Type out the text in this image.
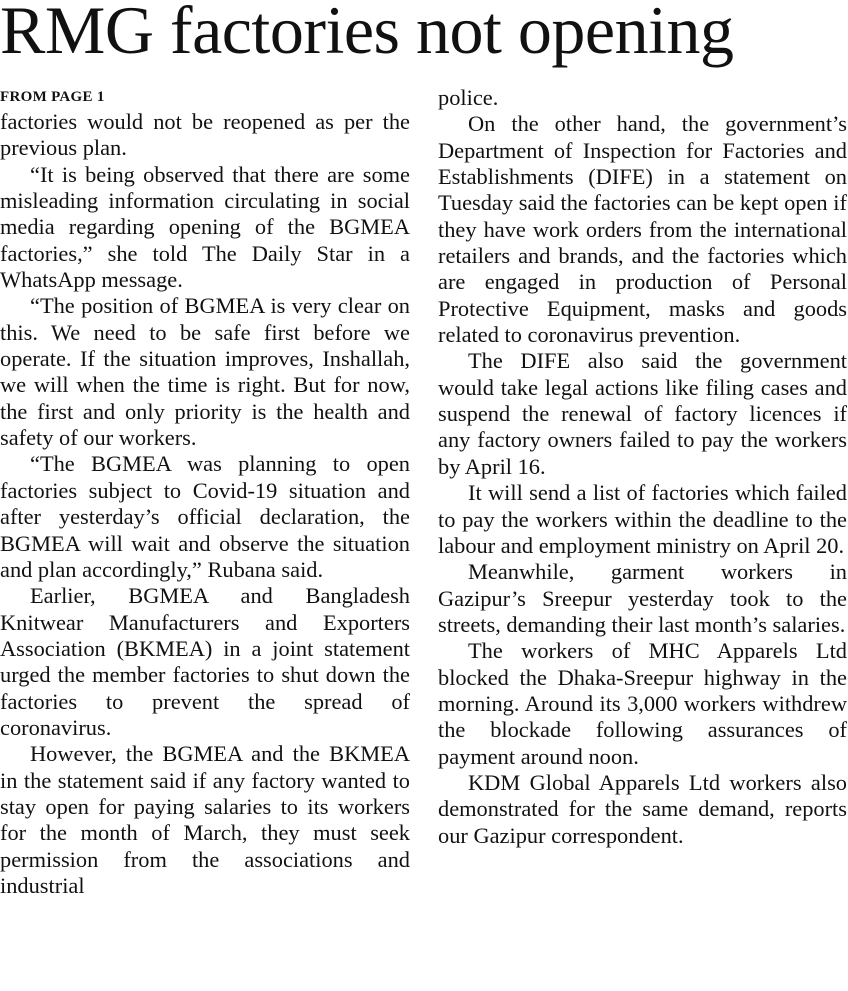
RMG factories not opening
FROM PAGE 1

factories would not be reopened as per the previous plan.

“It is being observed that there are some misleading information circulating in social media regarding opening of the BGMEA factories,” she told The Daily Star in a WhatsApp message.

“The position of BGMEA is very clear on this. We need to be safe first before we operate. If the situation improves, Inshallah, we will when the time is right. But for now, the first and only priority is the health and safety of our workers.

“The BGMEA was planning to open factories subject to Covid-19 situation and after yesterday’s official declaration, the BGMEA will wait and observe the situation and plan accordingly,” Rubana said.

Earlier, BGMEA and Bangladesh Knitwear Manufacturers and Exporters Association (BKMEA) in a joint statement urged the member factories to shut down the factories to prevent the spread of coronavirus.

However, the BGMEA and the BKMEA in the statement said if any factory wanted to stay open for paying salaries to its workers for the month of March, they must seek permission from the associations and industrial

police.

On the other hand, the government’s Department of Inspection for Factories and Establishments (DIFE) in a statement on Tuesday said the factories can be kept open if they have work orders from the international retailers and brands, and the factories which are engaged in production of Personal Protective Equipment, masks and goods related to coronavirus prevention.

The DIFE also said the government would take legal actions like filing cases and suspend the renewal of factory licences if any factory owners failed to pay the workers by April 16.

It will send a list of factories which failed to pay the workers within the deadline to the labour and employment ministry on April 20.

Meanwhile, garment workers in Gazipur’s Sreepur yesterday took to the streets, demanding their last month’s salaries.

The workers of MHC Apparels Ltd blocked the Dhaka-Sreepur highway in the morning. Around its 3,000 workers withdrew the blockade following assurances of payment around noon.

KDM Global Apparels Ltd workers also demonstrated for the same demand, reports our Gazipur correspondent.
